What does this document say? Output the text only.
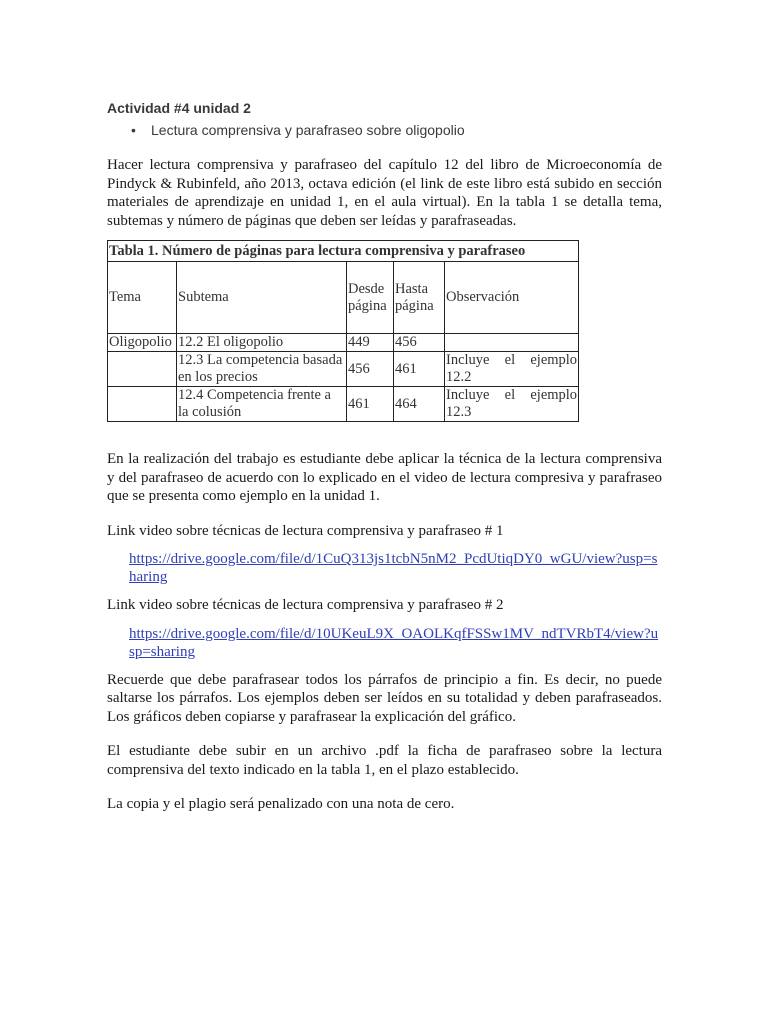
Actividad #4 unidad 2
•	Lectura comprensiva y parafraseo sobre oligopolio

Hacer lectura comprensiva y parafraseo del capítulo 12 del libro de Microeconomía de Pindyck & Rubinfeld, año 2013, octava edición (el link de este libro está subido en sección materiales de aprendizaje en unidad 1, en el aula virtual). En la tabla 1 se detalla tema, subtemas y número de páginas que deben ser leídas y parafraseadas.

Tabla 1. Número de páginas para lectura comprensiva y parafraseo				
Tema	Subtema	Desde página	Hasta página	Observación
Oligopolio	12.2 El oligopolio	449	456	
	12.3 La competencia basada en los precios	456	461	Incluye el ejemplo
12.2
	12.4 Competencia frente a la colusión	461	464	Incluye el ejemplo
12.3

En la realización del trabajo es estudiante debe aplicar la técnica de la lectura comprensiva y del parafraseo de acuerdo con lo explicado en el video de lectura compresiva y parafraseo que se presenta como ejemplo en la unidad 1.

Link video sobre técnicas de lectura comprensiva y parafraseo # 1

https://drive.google.com/file/d/1CuQ313js1tcbN5nM2_PcdUtiqDY0_wGU/view?usp=sharing

Link video sobre técnicas de lectura comprensiva y parafraseo # 2

https://drive.google.com/file/d/10UKeuL9X_OAOLKqfFSSw1MV_ndTVRbT4/view?usp=sharing

Recuerde que debe parafrasear todos los párrafos de principio a fin. Es decir, no puede saltarse los párrafos. Los ejemplos deben ser leídos en su totalidad y deben parafraseados. Los gráficos deben copiarse y parafrasear la explicación del gráfico.

El estudiante debe subir en un archivo .pdf la ficha de parafraseo sobre la lectura comprensiva del texto indicado en la tabla 1, en el plazo establecido.

La copia y el plagio será penalizado con una nota de cero.
